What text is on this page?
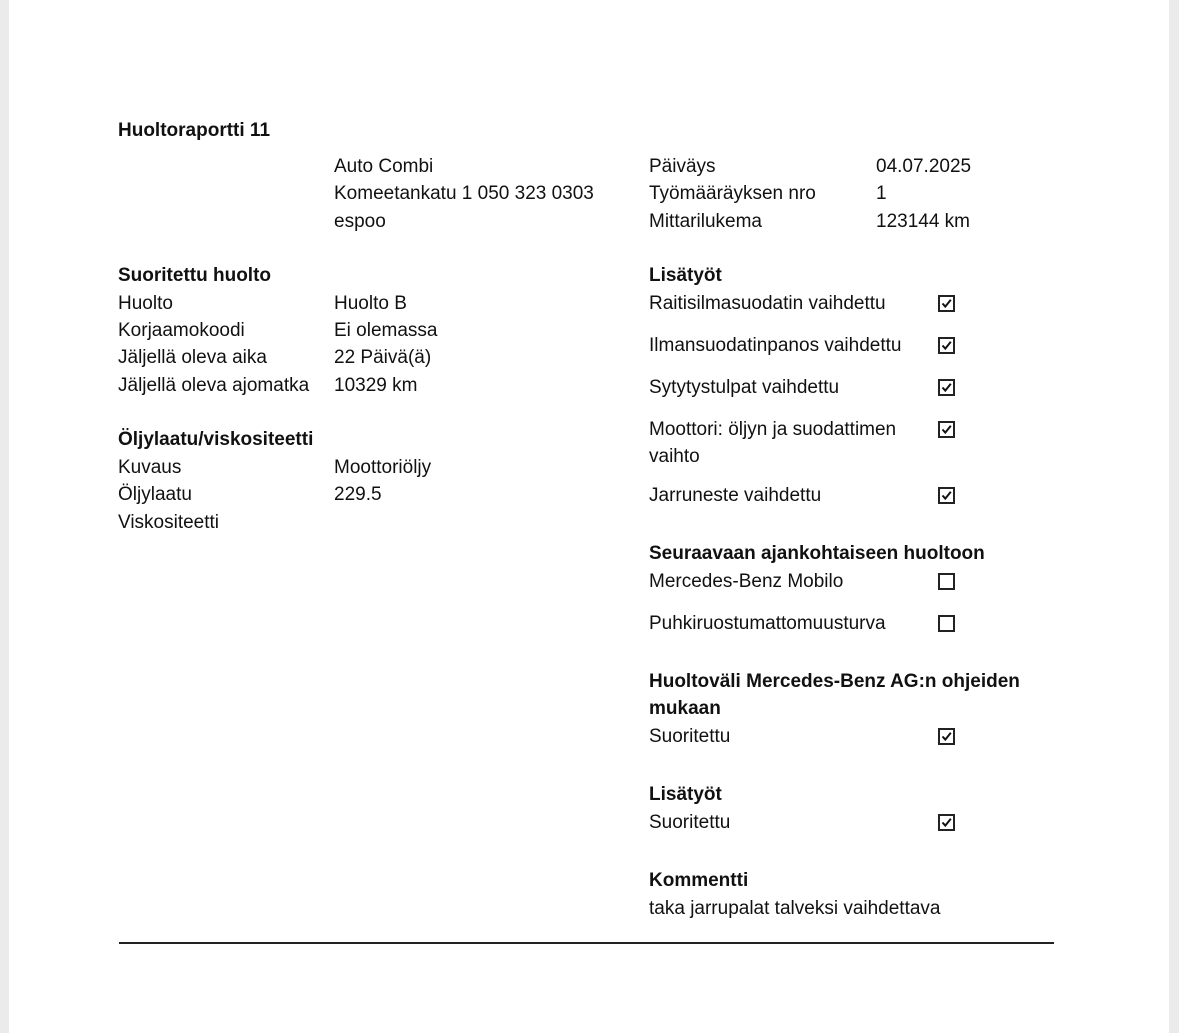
Huoltoraportti 11
Auto Combi
Komeetankatu 1 050 323 0303
espoo
Päiväys	04.07.2025
Työmääräyksen nro	1
Mittarilukema	123144 km
Suoritettu huolto
Huolto	Huolto B
Korjaamokoodi	Ei olemassa
Jäljellä oleva aika	22 Päivä(ä)
Jäljellä oleva ajomatka 10329 km
Öljylaatu/viskositeetti
Kuvaus	Moottoriöljy
Öljylaatu	229.5
Viskositeetti
Lisätyöt
Raitisilmasuodatin vaihdettu
Ilmansuodatinpanos vaihdettu
Sytytystulpat vaihdettu
Moottori: öljyn ja suodattimen
vaihto
Jarruneste vaihdettu
Seuraavaan ajankohtaiseen huoltoon
Mercedes-Benz Mobilo
Puhkiruostumattomuusturva
Huoltoväli Mercedes-Benz AG:n ohjeiden
mukaan
Suoritettu
Lisätyöt
Suoritettu
Kommentti
taka jarrupalat talveksi vaihdettava
